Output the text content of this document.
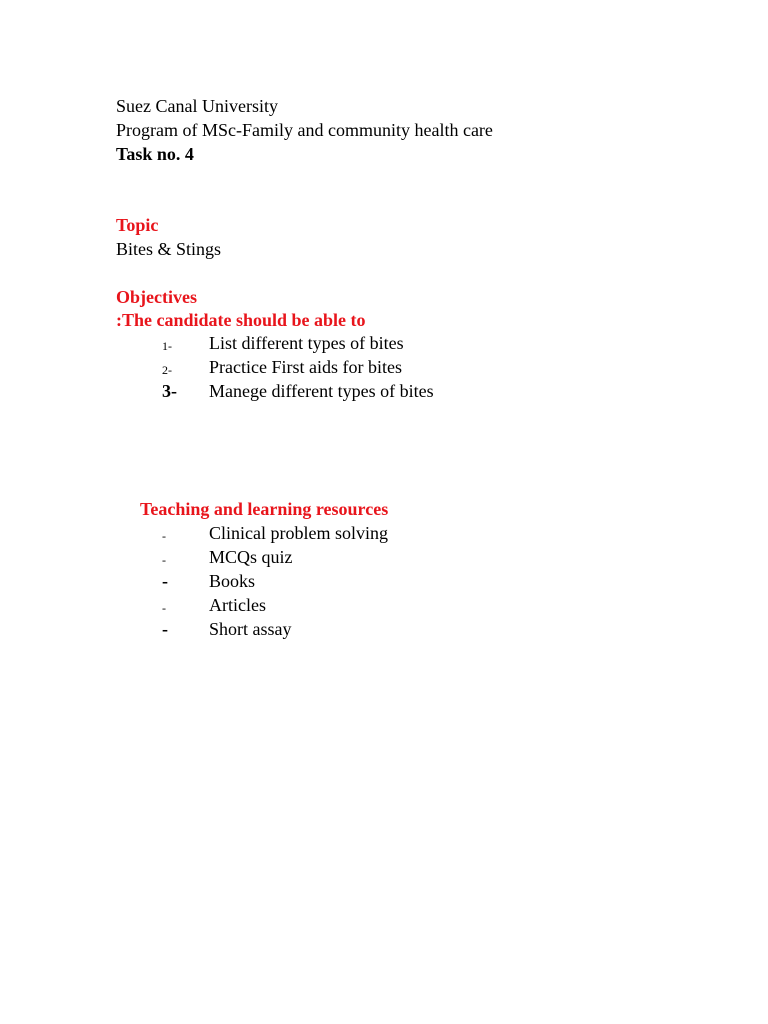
Suez Canal University
Program of MSc-Family and community health care
Task no. 4
Topic
Bites & Stings
Objectives
:The candidate should be able to
1- List different types of bites
2- Practice First aids for bites
3- Manege different types of bites
Teaching and learning resources
- Clinical problem solving
- MCQs quiz
- Books
- Articles
- Short assay
